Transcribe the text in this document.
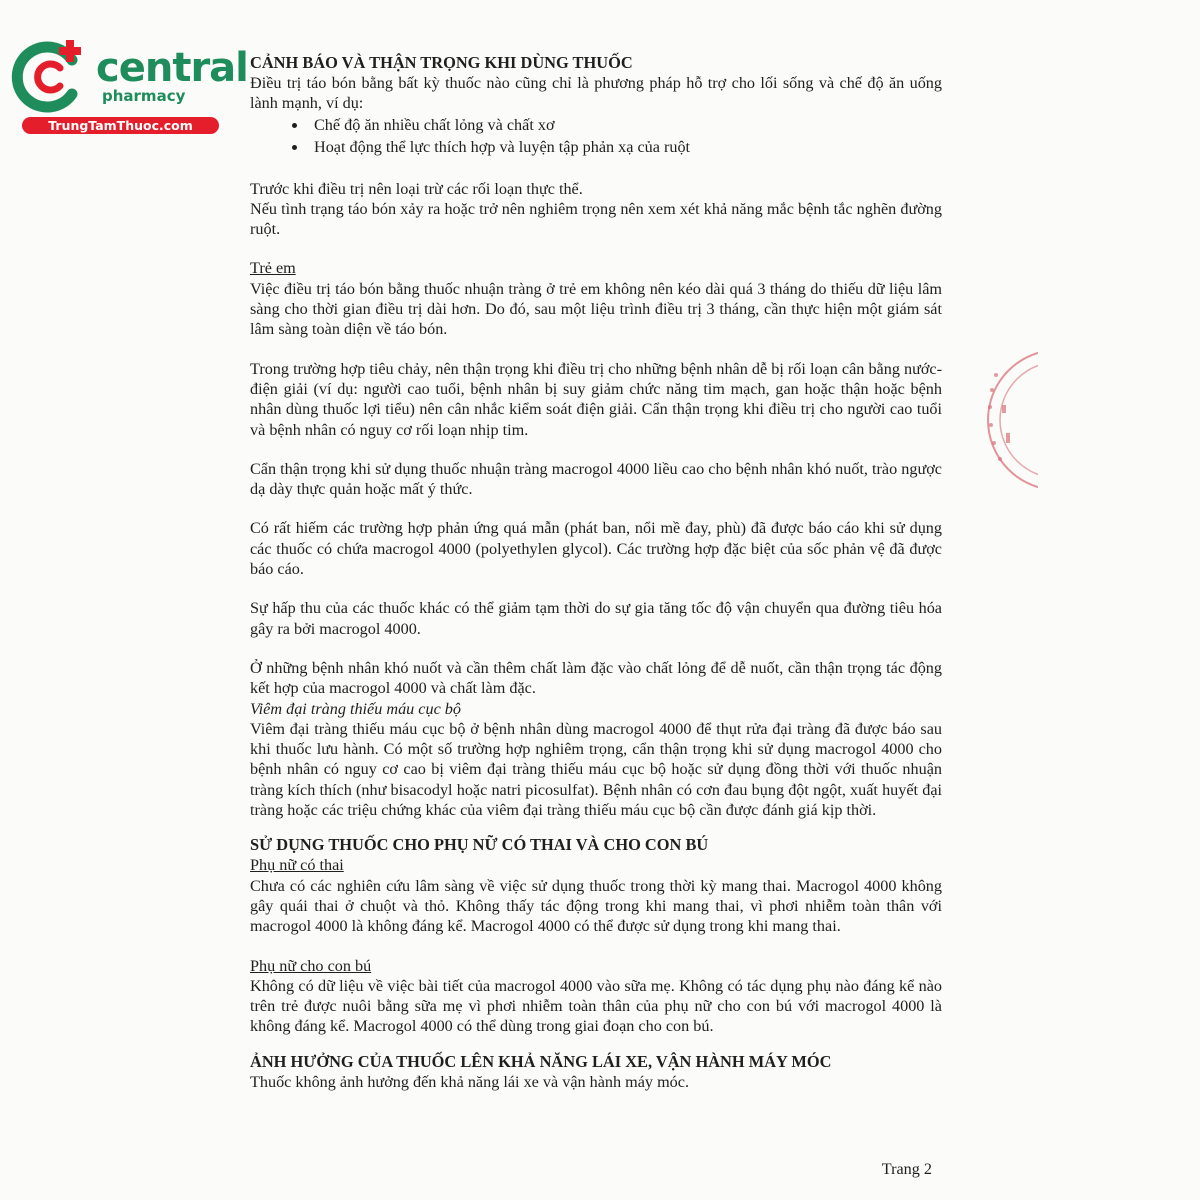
central
pharmacy
TrungTamThuoc.com

CẢNH BÁO VÀ THẬN TRỌNG KHI DÙNG THUỐC

Điều trị táo bón bằng bất kỳ thuốc nào cũng chỉ là phương pháp hỗ trợ cho lối sống và chế độ ăn uống lành mạnh, ví dụ:

• Chế độ ăn nhiều chất lỏng và chất xơ
• Hoạt động thể lực thích hợp và luyện tập phản xạ của ruột

Trước khi điều trị nên loại trừ các rối loạn thực thể.

Nếu tình trạng táo bón xảy ra hoặc trở nên nghiêm trọng nên xem xét khả năng mắc bệnh tắc nghẽn đường ruột.

Trẻ em

Việc điều trị táo bón bằng thuốc nhuận tràng ở trẻ em không nên kéo dài quá 3 tháng do thiếu dữ liệu lâm sàng cho thời gian điều trị dài hơn. Do đó, sau một liệu trình điều trị 3 tháng, cần thực hiện một giám sát lâm sàng toàn diện về táo bón.

Trong trường hợp tiêu chảy, nên thận trọng khi điều trị cho những bệnh nhân dễ bị rối loạn cân bằng nước- điện giải (ví dụ: người cao tuổi, bệnh nhân bị suy giảm chức năng tim mạch, gan hoặc thận hoặc bệnh nhân dùng thuốc lợi tiểu) nên cân nhắc kiểm soát điện giải. Cẩn thận trọng khi điều trị cho người cao tuổi và bệnh nhân có nguy cơ rối loạn nhịp tim.

Cẩn thận trọng khi sử dụng thuốc nhuận tràng macrogol 4000 liều cao cho bệnh nhân khó nuốt, trào ngược dạ dày thực quản hoặc mất ý thức.

Có rất hiếm các trường hợp phản ứng quá mẫn (phát ban, nổi mề đay, phù) đã được báo cáo khi sử dụng các thuốc có chứa macrogol 4000 (polyethylen glycol). Các trường hợp đặc biệt của sốc phản vệ đã được báo cáo.

Sự hấp thu của các thuốc khác có thể giảm tạm thời do sự gia tăng tốc độ vận chuyển qua đường tiêu hóa gây ra bởi macrogol 4000.

Ở những bệnh nhân khó nuốt và cần thêm chất làm đặc vào chất lỏng để dễ nuốt, cần thận trọng tác động kết hợp của macrogol 4000 và chất làm đặc.

Viêm đại tràng thiếu máu cục bộ

Viêm đại tràng thiếu máu cục bộ ở bệnh nhân dùng macrogol 4000 để thụt rửa đại tràng đã được báo sau khi thuốc lưu hành. Có một số trường hợp nghiêm trọng, cẩn thận trọng khi sử dụng macrogol 4000 cho bệnh nhân có nguy cơ cao bị viêm đại tràng thiếu máu cục bộ hoặc sử dụng đồng thời với thuốc nhuận tràng kích thích (như bisacodyl hoặc natri picosulfat). Bệnh nhân có cơn đau bụng đột ngột, xuất huyết đại tràng hoặc các triệu chứng khác của viêm đại tràng thiếu máu cục bộ cần được đánh giá kịp thời.

SỬ DỤNG THUỐC CHO PHỤ NỮ CÓ THAI VÀ CHO CON BÚ

Phụ nữ có thai

Chưa có các nghiên cứu lâm sàng về việc sử dụng thuốc trong thời kỳ mang thai. Macrogol 4000 không gây quái thai ở chuột và thỏ. Không thấy tác động trong khi mang thai, vì phơi nhiễm toàn thân với macrogol 4000 là không đáng kể. Macrogol 4000 có thể được sử dụng trong khi mang thai.

Phụ nữ cho con bú

Không có dữ liệu về việc bài tiết của macrogol 4000 vào sữa mẹ. Không có tác dụng phụ nào đáng kể nào trên trẻ được nuôi bằng sữa mẹ vì phơi nhiễm toàn thân của phụ nữ cho con bú với macrogol 4000 là không đáng kể. Macrogol 4000 có thể dùng trong giai đoạn cho con bú.

ẢNH HƯỞNG CỦA THUỐC LÊN KHẢ NĂNG LÁI XE, VẬN HÀNH MÁY MÓC

Thuốc không ảnh hưởng đến khả năng lái xe và vận hành máy móc.

Trang 2
